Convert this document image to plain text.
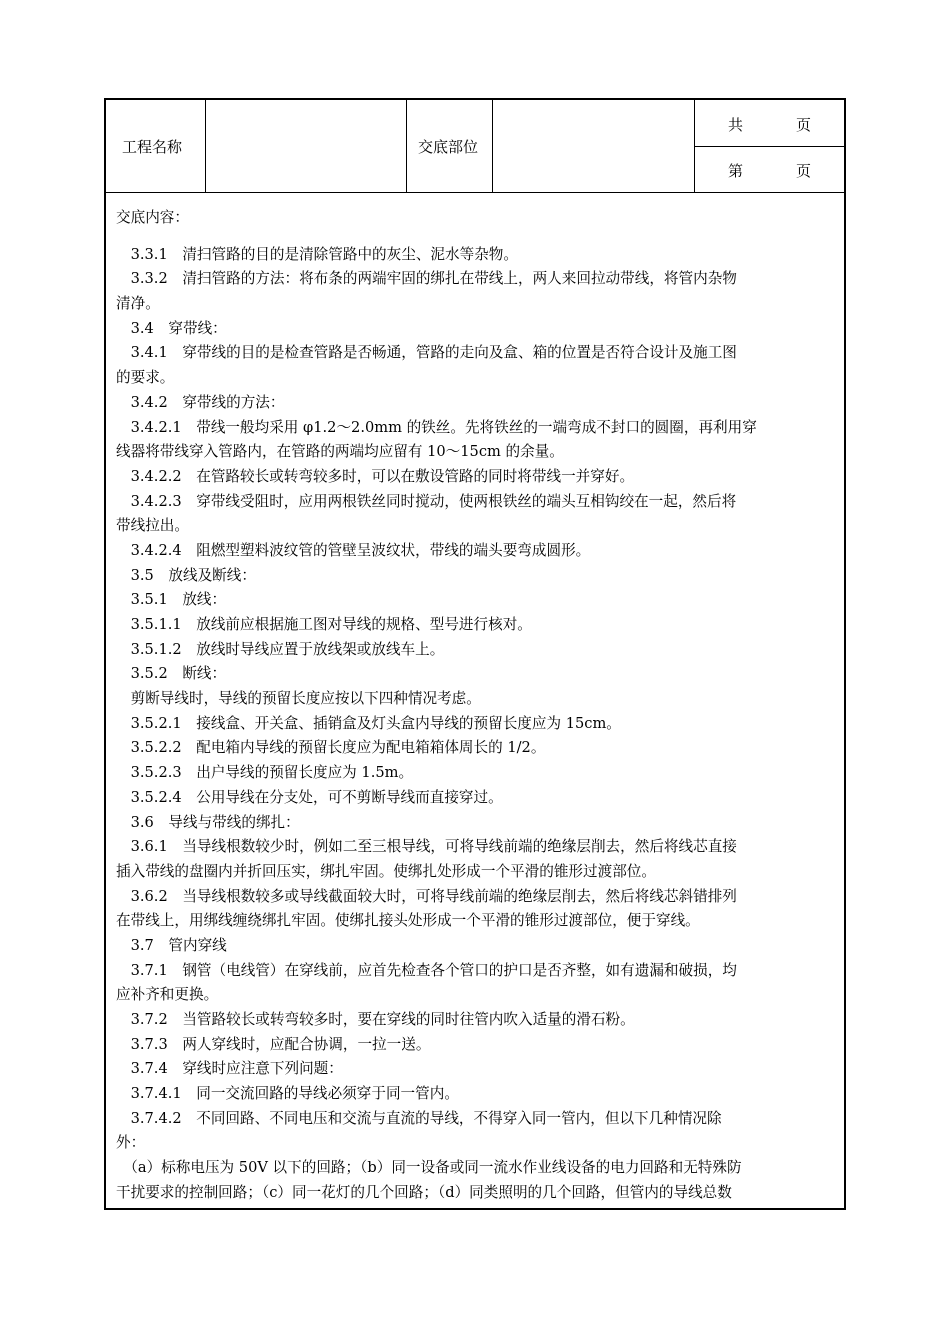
工程名称	交底部位
共	页
第	页
交底内容：
　3.3.1　清扫管路的目的是清除管路中的灰尘、泥水等杂物。
　3.3.2　清扫管路的方法：将布条的两端牢固的绑扎在带线上，两人来回拉动带线，将管内杂物
清净。
　3.4　穿带线：
　3.4.1　穿带线的目的是检查管路是否畅通，管路的走向及盒、箱的位置是否符合设计及施工图
的要求。
　3.4.2　穿带线的方法：
　3.4.2.1　带线一般均采用 φ1.2～2.0mm 的铁丝。先将铁丝的一端弯成不封口的圆圈，再利用穿
线器将带线穿入管路内，在管路的两端均应留有 10～15cm 的余量。
　3.4.2.2　在管路较长或转弯较多时，可以在敷设管路的同时将带线一并穿好。
　3.4.2.3　穿带线受阻时，应用两根铁丝同时搅动，使两根铁丝的端头互相钩绞在一起，然后将
带线拉出。
　3.4.2.4　阻燃型塑料波纹管的管壁呈波纹状，带线的端头要弯成圆形。
　3.5　放线及断线：
　3.5.1　放线：
　3.5.1.1　放线前应根据施工图对导线的规格、型号进行核对。
　3.5.1.2　放线时导线应置于放线架或放线车上。
　3.5.2　断线：
　剪断导线时，导线的预留长度应按以下四种情况考虑。
　3.5.2.1　接线盒、开关盒、插销盒及灯头盒内导线的预留长度应为 15cm。
　3.5.2.2　配电箱内导线的预留长度应为配电箱箱体周长的 1/2。
　3.5.2.3　出户导线的预留长度应为 1.5m。
　3.5.2.4　公用导线在分支处，可不剪断导线而直接穿过。
　3.6　导线与带线的绑扎：
　3.6.1　当导线根数较少时，例如二至三根导线，可将导线前端的绝缘层削去，然后将线芯直接
插入带线的盘圈内并折回压实，绑扎牢固。使绑扎处形成一个平滑的锥形过渡部位。
　3.6.2　当导线根数较多或导线截面较大时，可将导线前端的绝缘层削去，然后将线芯斜错排列
在带线上，用绑线缠绕绑扎牢固。使绑扎接头处形成一个平滑的锥形过渡部位，便于穿线。
　3.7　管内穿线
　3.7.1　钢管（电线管）在穿线前，应首先检查各个管口的护口是否齐整，如有遗漏和破损，均
应补齐和更换。
　3.7.2　当管路较长或转弯较多时，要在穿线的同时往管内吹入适量的滑石粉。
　3.7.3　两人穿线时，应配合协调，一拉一送。
　3.7.4　穿线时应注意下列问题：
　3.7.4.1　同一交流回路的导线必须穿于同一管内。
　3.7.4.2　不同回路、不同电压和交流与直流的导线，不得穿入同一管内，但以下几种情况除
外：
　（a）标称电压为 50V 以下的回路；（b）同一设备或同一流水作业线设备的电力回路和无特殊防
干扰要求的控制回路；（c）同一花灯的几个回路；（d）同类照明的几个回路，但管内的导线总数
